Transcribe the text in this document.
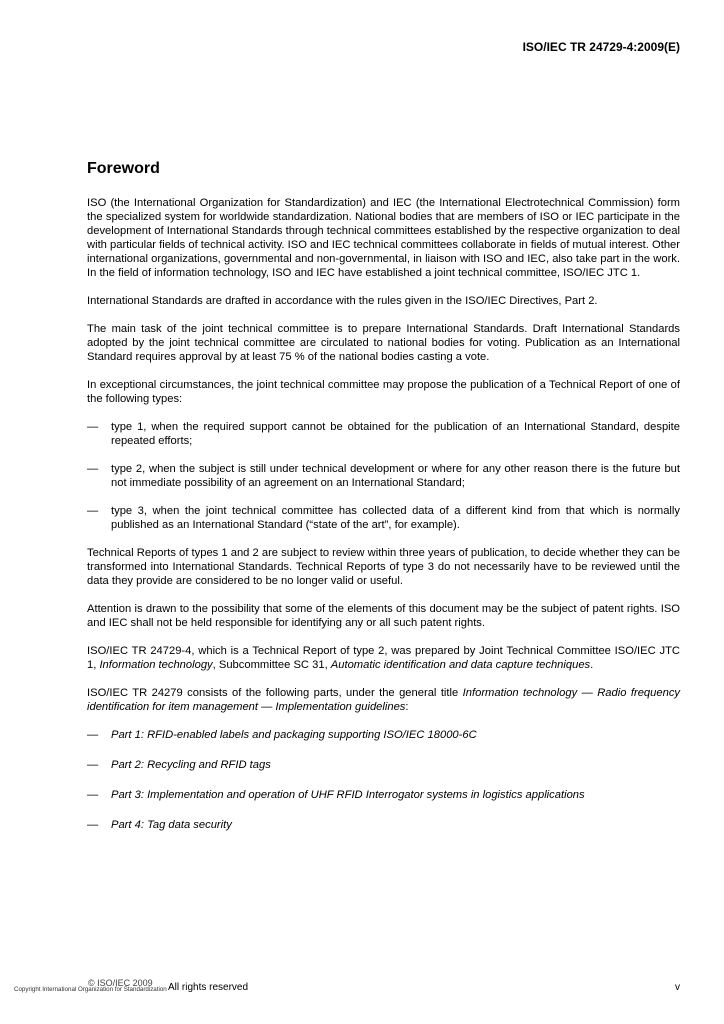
ISO/IEC TR 24729-4:2009(E)
Foreword

ISO (the International Organization for Standardization) and IEC (the International Electrotechnical Commission) form the specialized system for worldwide standardization. National bodies that are members of ISO or IEC participate in the development of International Standards through technical committees established by the respective organization to deal with particular fields of technical activity. ISO and IEC technical committees collaborate in fields of mutual interest. Other international organizations, governmental and non-governmental, in liaison with ISO and IEC, also take part in the work. In the field of information technology, ISO and IEC have established a joint technical committee, ISO/IEC JTC 1.

International Standards are drafted in accordance with the rules given in the ISO/IEC Directives, Part 2.

The main task of the joint technical committee is to prepare International Standards. Draft International Standards adopted by the joint technical committee are circulated to national bodies for voting. Publication as an International Standard requires approval by at least 75 % of the national bodies casting a vote.

In exceptional circumstances, the joint technical committee may propose the publication of a Technical Report of one of the following types:

— type 1, when the required support cannot be obtained for the publication of an International Standard, despite repeated efforts;
— type 2, when the subject is still under technical development or where for any other reason there is the future but not immediate possibility of an agreement on an International Standard;
— type 3, when the joint technical committee has collected data of a different kind from that which is normally published as an International Standard (“state of the art”, for example).

Technical Reports of types 1 and 2 are subject to review within three years of publication, to decide whether they can be transformed into International Standards. Technical Reports of type 3 do not necessarily have to be reviewed until the data they provide are considered to be no longer valid or useful.

Attention is drawn to the possibility that some of the elements of this document may be the subject of patent rights. ISO and IEC shall not be held responsible for identifying any or all such patent rights.

ISO/IEC TR 24729-4, which is a Technical Report of type 2, was prepared by Joint Technical Committee ISO/IEC JTC 1, Information technology, Subcommittee SC 31, Automatic identification and data capture techniques.

ISO/IEC TR 24279 consists of the following parts, under the general title Information technology — Radio frequency identification for item management — Implementation guidelines:

— Part 1: RFID-enabled labels and packaging supporting ISO/IEC 18000-6C
— Part 2: Recycling and RFID tags
— Part 3: Implementation and operation of UHF RFID Interrogator systems in logistics applications
— Part 4: Tag data security
© ISO/IEC 2009 All rights reserved
Copyright International Organization for Standardization	v
